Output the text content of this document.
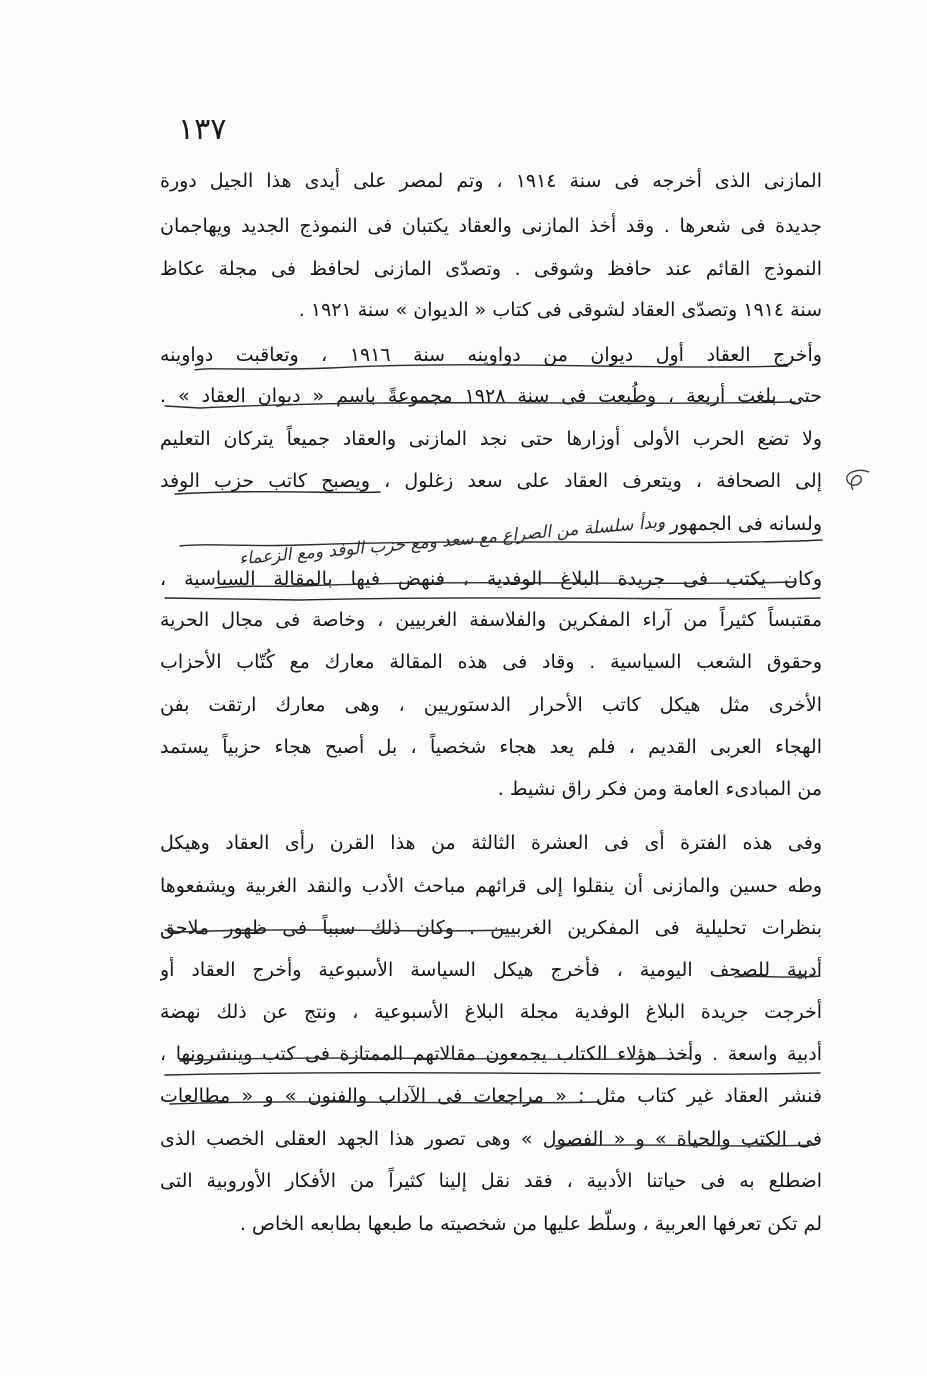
١٣٧
المازنى الذى أخرجه فى سنة ١٩١٤ ، وتم لمصر على أيدى هذا الجيل دورة
جديدة فى شعرها . وقد أخذ المازنى والعقاد يكتبان فى النموذج الجديد ويهاجمان
النموذج القائم عند حافظ وشوقى . وتصدّى المازنى لحافظ فى مجلة عكاظ
سنة ١٩١٤ وتصدّى العقاد لشوقى فى كتاب « الديوان » سنة ١٩٢١ .
وأخرج العقاد أول ديوان من دواوينه سنة ١٩١٦ ، وتعاقبت دواوينه
حتى بلغت أربعة ، وطُبعت فى سنة ١٩٢٨ مجموعةً باسم « ديوان العقاد » .
ولا تضع الحرب الأولى أوزارها حتى نجد المازنى والعقاد جميعاً يتركان التعليم
إلى الصحافة ، ويتعرف العقاد على سعد زغلول ، ويصبح كاتب حزب الوفد
ولسانه فى الجمهور .
وبدأ سلسلة من الصراع مع سعد ومع حزب الوفد ومع الزعماء
وكان يكتب فى جريدة البلاغ الوفدية ، فنهض فيها بالمقالة السياسية ،
مقتبساً كثيراً من آراء المفكرين والفلاسفة الغربيين ، وخاصة فى مجال الحرية
وحقوق الشعب السياسية . وقاد فى هذه المقالة معارك مع كُتّاب الأحزاب
الأخرى مثل هيكل كاتب الأحرار الدستوريين ، وهى معارك ارتقت بفن
الهجاء العربى القديم ، فلم يعد هجاء شخصياً ، بل أصبح هجاء حزبياً يستمد
من المبادىء العامة ومن فكر راق نشيط .
وفى هذه الفترة أى فى العشرة الثالثة من هذا القرن رأى العقاد وهيكل
وطه حسين والمازنى أن ينقلوا إلى قرائهم مباحث الأدب والنقد الغربية ويشفعوها
بنظرات تحليلية فى المفكرين الغربيين . وكان ذلك سبباً فى ظهور ملاحق
أدبية للصحف اليومية ، فأخرج هيكل السياسة الأسبوعية وأخرج العقاد أو
أخرجت جريدة البلاغ الوفدية مجلة البلاغ الأسبوعية ، ونتج عن ذلك نهضة
أدبية واسعة . وأخذ هؤلاء الكتاب يجمعون مقالاتهم الممتازة فى كتب وينشرونها ،
فنشر العقاد غير كتاب مثل : « مراجعات فى الآداب والفنون » و « مطالعات
فى الكتب والحياة » و « الفصول » وهى تصور هذا الجهد العقلى الخصب الذى
اضطلع به فى حياتنا الأدبية ، فقد نقل إلينا كثيراً من الأفكار الأوروبية التى
لم تكن تعرفها العربية ، وسلّط عليها من شخصيته ما طبعها بطابعه الخاص .
